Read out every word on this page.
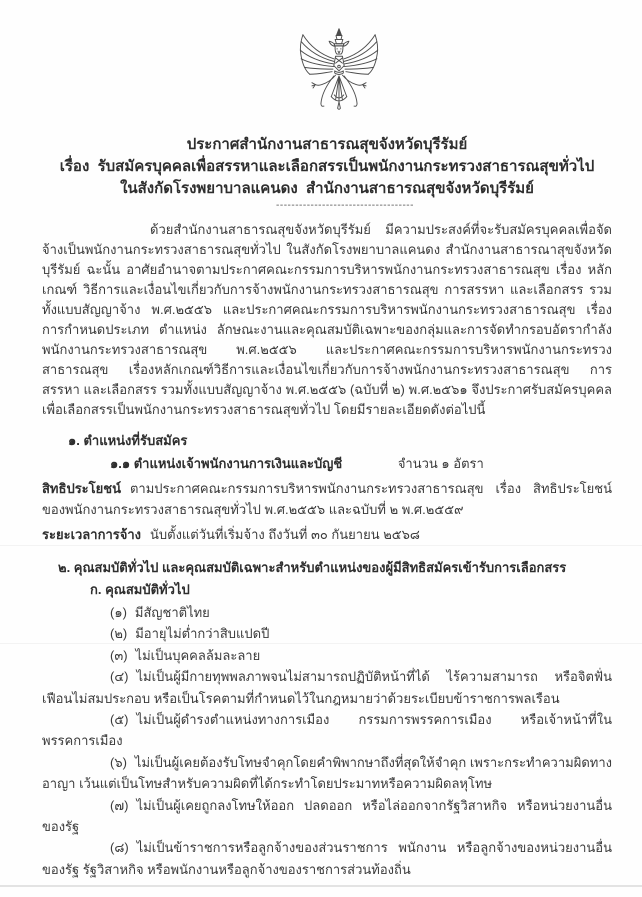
ประกาศสำนักงานสาธารณสุขจังหวัดบุรีรัมย์
เรื่อง  รับสมัครบุคคลเพื่อสรรหาและเลือกสรรเป็นพนักงานกระทรวงสาธารณสุขทั่วไป
ในสังกัดโรงพยาบาลแคนดง  สำนักงานสาธารณสุขจังหวัดบุรีรัมย์
------------------------------------

ด้วยสำนักงานสาธารณสุขจังหวัดบุรีรัมย์ มีความประสงค์ที่จะรับสมัครบุคคลเพื่อจัดจ้างเป็นพนักงานกระทรวงสาธารณสุขทั่วไป ในสังกัดโรงพยาบาลแคนดง สำนักงานสาธารณาสุขจังหวัดบุรีรัมย์ ฉะนั้น อาศัยอำนาจตามประกาศคณะกรรมการบริหารพนักงานกระทรวงสาธารณสุข เรื่อง หลักเกณฑ์ วิธีการและเงื่อนไขเกี่ยวกับการจ้างพนักงานกระทรวงสาธารณสุข การสรรหา และเลือกสรร รวมทั้งแบบสัญญาจ้าง พ.ศ.๒๕๕๖ และประกาศคณะกรรมการบริหารพนักงานกระทรวงสาธารณสุข เรื่อง การกำหนดประเภท ตำแหน่ง ลักษณะงานและคุณสมบัติเฉพาะของกลุ่มและการจัดทำกรอบอัตรากำลังพนักงานกระทรวงสาธารณสุข พ.ศ.๒๕๕๖ และประกาศคณะกรรมการบริหารพนักงานกระทรวงสาธารณสุข เรื่องหลักเกณฑ์วิธีการและเงื่อนไขเกี่ยวกับการจ้างพนักงานกระทรวงสาธารณสุข การสรรหา และเลือกสรร รวมทั้งแบบสัญญาจ้าง พ.ศ.๒๕๕๖ (ฉบับที่ ๒) พ.ศ.๒๕๖๑ จึงประกาศรับสมัครบุคคล เพื่อเลือกสรรเป็นพนักงานกระทรวงสาธารณสุขทั่วไป โดยมีรายละเอียดดังต่อไปนี้

๑. ตำแหน่งที่รับสมัคร
๑.๑ ตำแหน่งเจ้าพนักงานการเงินและบัญชี	จำนวน ๑ อัตรา
สิทธิประโยชน์ ตามประกาศคณะกรรมการบริหารพนักงานกระทรวงสาธารณสุข เรื่อง สิทธิประโยชน์ของพนักงานกระทรวงสาธารณสุขทั่วไป พ.ศ.๒๕๕๖ และฉบับที่ ๒ พ.ศ.๒๕๕๙
ระยะเวลาการจ้าง นับตั้งแต่วันที่เริ่มจ้าง ถึงวันที่ ๓๐ กันยายน ๒๕๖๘
๒. คุณสมบัติทั่วไป และคุณสมบัติเฉพาะสำหรับตำแหน่งของผู้มีสิทธิสมัครเข้ารับการเลือกสรร
ก. คุณสมบัติทั่วไป
(๑) มีสัญชาติไทย
(๒) มีอายุไม่ต่ำกว่าสิบแปดปี
(๓) ไม่เป็นบุคคลล้มละลาย
(๔) ไม่เป็นผู้มีกายทุพพลภาพจนไม่สามารถปฏิบัติหน้าที่ได้ ไร้ความสามารถ หรือจิตฟั่นเฟือนไม่สมประกอบ หรือเป็นโรคตามที่กำหนดไว้ในกฎหมายว่าด้วยระเบียบข้าราชการพลเรือน
(๕) ไม่เป็นผู้ดำรงตำแหน่งทางการเมือง กรรมการพรรคการเมือง หรือเจ้าหน้าที่ในพรรคการเมือง
(๖) ไม่เป็นผู้เคยต้องรับโทษจำคุกโดยคำพิพากษาถึงที่สุดให้จำคุก เพราะกระทำความผิดทางอาญา เว้นแต่เป็นโทษสำหรับความผิดที่ได้กระทำโดยประมาทหรือความผิดลหุโทษ
(๗) ไม่เป็นผู้เคยถูกลงโทษให้ออก ปลดออก หรือไล่ออกจากรัฐวิสาหกิจ หรือหน่วยงานอื่นของรัฐ
(๘) ไม่เป็นข้าราชการหรือลูกจ้างของส่วนราชการ พนักงาน หรือลูกจ้างของหน่วยงานอื่นของรัฐ รัฐวิสาหกิจ หรือพนักงานหรือลูกจ้างของราชการส่วนท้องถิ่น
